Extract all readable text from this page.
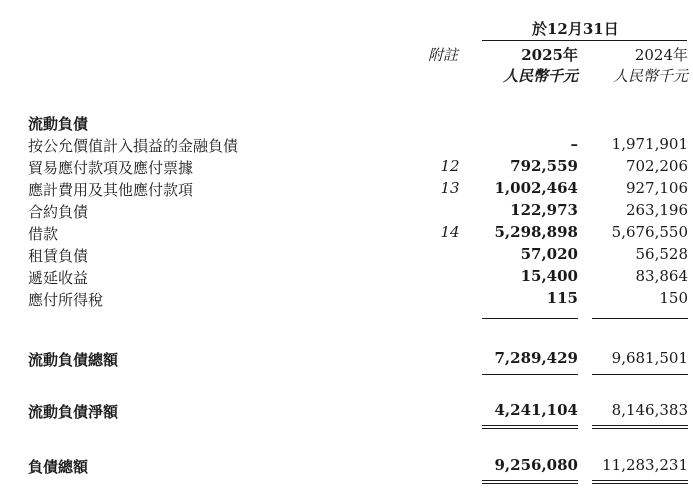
於12月31日
附註	2025年	2024年
人民幣千元 人民幣千元
流動負債
按公允價值計入損益的金融負債	– 1,971,901
貿易應付款項及應付票據	12	792,559	702,206
應計費用及其他應付款項	13 1,002,464	927,106
合約負債	122,973	263,196
借款	14 5,298,898 5,676,550
租賃負債	57,020	56,528
遞延收益	15,400	83,864
應付所得稅	115	150
流動負債總額	7,289,429 9,681,501
流動負債淨額	4,241,104 8,146,383
負債總額	9,256,080 11,283,231
